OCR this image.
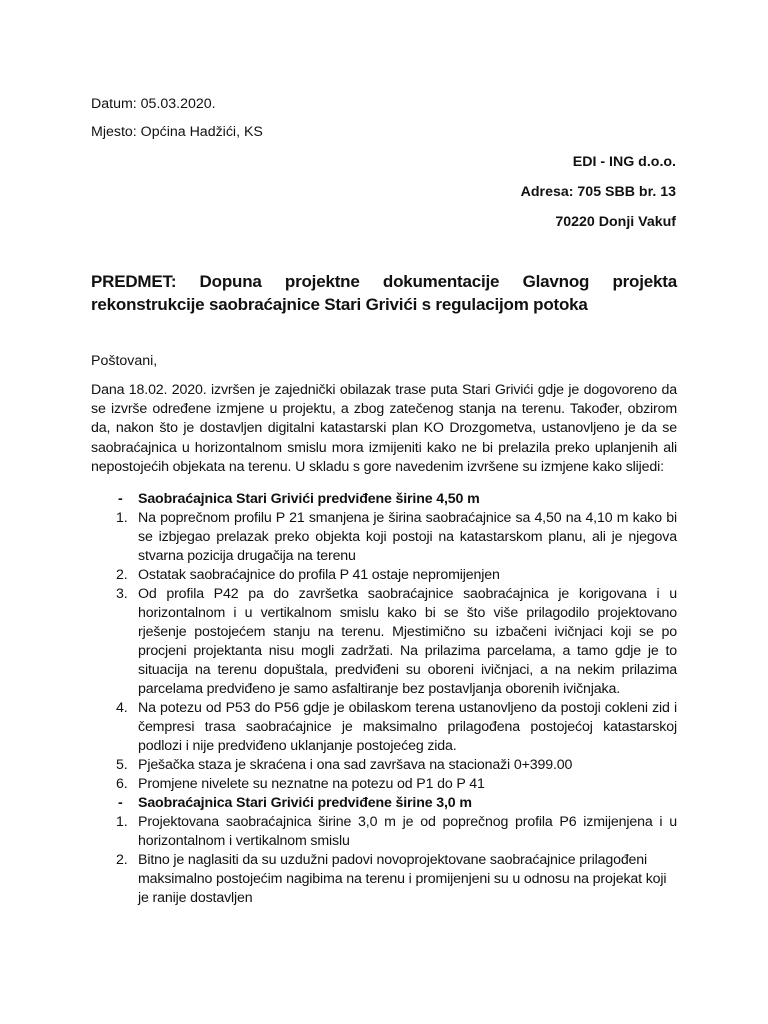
Datum: 05.03.2020.
Mjesto: Općina Hadžići, KS
EDI - ING d.o.o.
Adresa: 705 SBB br. 13
70220 Donji Vakuf
PREDMET: Dopuna projektne dokumentacije Glavnog projekta rekonstrukcije saobraćajnice Stari Grivići s regulacijom potoka
Poštovani,
Dana 18.02. 2020. izvršen je zajednički obilazak trase puta Stari Grivići gdje je dogovoreno da se izvrše određene izmjene u projektu, a zbog zatečenog stanja na terenu. Također, obzirom da, nakon što je dostavljen digitalni katastarski plan KO Drozgometva, ustanovljeno je da se saobraćajnica u horizontalnom smislu mora izmijeniti kako ne bi prelazila preko uplanjenih ali nepostojećih objekata na terenu. U skladu s gore navedenim izvršene su izmjene kako slijedi:
- Saobraćajnica Stari Grivići predviđene širine 4,50 m
1. Na poprečnom profilu P 21 smanjena je širina saobraćajnice sa 4,50 na 4,10 m kako bi se izbjegao prelazak preko objekta koji postoji na katastarskom planu, ali je njegova stvarna pozicija drugačija na terenu
2. Ostatak saobraćajnice do profila P 41 ostaje nepromijenjen
3. Od profila P42 pa do završetka saobraćajnice saobraćajnica je korigovana i u horizontalnom i u vertikalnom smislu kako bi se što više prilagodilo projektovano rješenje postojećem stanju na terenu. Mjestimično su izbačeni ivičnjaci koji se po procjeni projektanta nisu mogli zadržati. Na prilazima parcelama, a tamo gdje je to situacija na terenu dopuštala, predviđeni su oboreni ivičnjaci, a na nekim prilazima parcelama predviđeno je samo asfaltiranje bez postavljanja oborenih ivičnjaka.
4. Na potezu od P53 do P56 gdje je obilaskom terena ustanovljeno da postoji cokleni zid i čempresi trasa saobraćajnice je maksimalno prilagođena postojećoj katastarskoj podlozi i nije predviđeno uklanjanje postojećeg zida.
5. Pješačka staza je skraćena i ona sad završava na stacionaži 0+399.00
6. Promjene nivelete su neznatne na potezu od P1 do P 41
- Saobraćajnica Stari Grivići predviđene širine 3,0 m
1. Projektovana saobraćajnica širine 3,0 m je od poprečnog profila P6 izmijenjena i u horizontalnom i vertikalnom smislu
2. Bitno je naglasiti da su uzdužni padovi novoprojektovane saobraćajnice prilagođeni maksimalno postojećim nagibima na terenu i promijenjeni su u odnosu na projekat koji je ranije dostavljen
